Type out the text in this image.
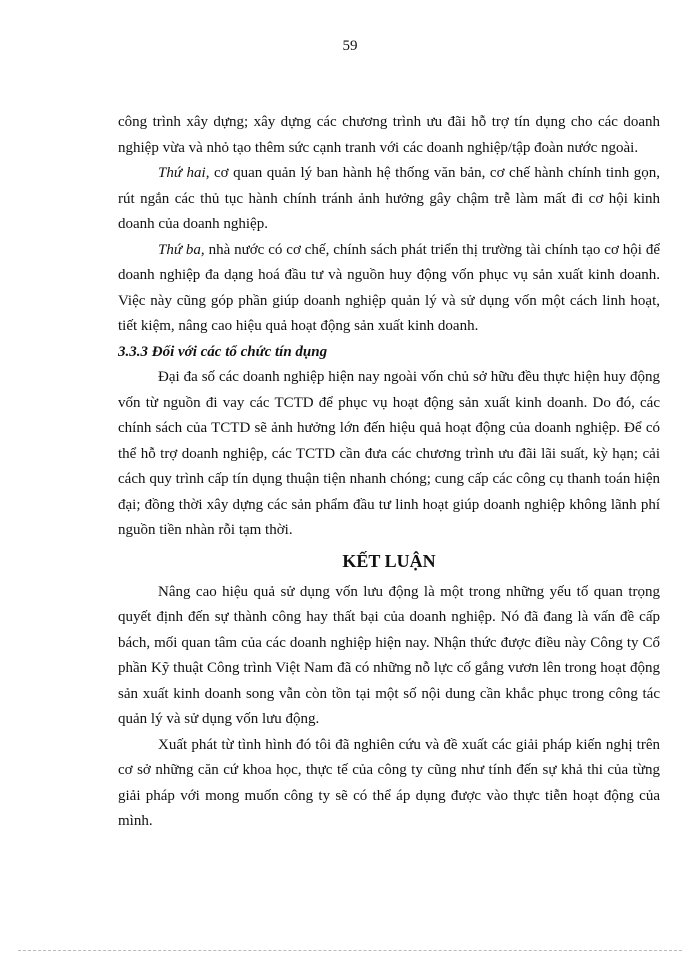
59

công trình xây dựng; xây dựng các chương trình ưu đãi hỗ trợ tín dụng cho các doanh nghiệp vừa và nhỏ tạo thêm sức cạnh tranh với các doanh nghiệp/tập đoàn nước ngoài.

Thứ hai, cơ quan quản lý ban hành hệ thống văn bản, cơ chế hành chính tinh gọn, rút ngắn các thủ tục hành chính tránh ảnh hưởng gây chậm trễ làm mất đi cơ hội kinh doanh của doanh nghiệp.

Thứ ba, nhà nước có cơ chế, chính sách phát triển thị trường tài chính tạo cơ hội để doanh nghiệp đa dạng hoá đầu tư và nguồn huy động vốn phục vụ sản xuất kinh doanh. Việc này cũng góp phần giúp doanh nghiệp quản lý và sử dụng vốn một cách linh hoạt, tiết kiệm, nâng cao hiệu quả hoạt động sản xuất kinh doanh.

3.3.3 Đối với các tổ chức tín dụng

Đại đa số các doanh nghiệp hiện nay ngoài vốn chủ sở hữu đều thực hiện huy động vốn từ nguồn đi vay các TCTD để phục vụ hoạt động sản xuất kinh doanh. Do đó, các chính sách của TCTD sẽ ảnh hưởng lớn đến hiệu quả hoạt động của doanh nghiệp. Để có thể hỗ trợ doanh nghiệp, các TCTD cần đưa các chương trình ưu đãi lãi suất, kỳ hạn; cải cách quy trình cấp tín dụng thuận tiện nhanh chóng; cung cấp các công cụ thanh toán hiện đại; đồng thời xây dựng các sản phẩm đầu tư linh hoạt giúp doanh nghiệp không lãnh phí nguồn tiền nhàn rỗi tạm thời.

KẾT LUẬN

Nâng cao hiệu quả sử dụng vốn lưu động là một trong những yếu tố quan trọng quyết định đến sự thành công hay thất bại của doanh nghiệp. Nó đã đang là vấn đề cấp bách, mối quan tâm của các doanh nghiệp hiện nay. Nhận thức được điều này Công ty Cổ phần Kỹ thuật Công trình Việt Nam đã có những nỗ lực cố gắng vươn lên trong hoạt động sản xuất kinh doanh song vẫn còn tồn tại một số nội dung cần khắc phục trong công tác quản lý và sử dụng vốn lưu động.

Xuất phát từ tình hình đó tôi đã nghiên cứu và đề xuất các giải pháp kiến nghị trên cơ sở những căn cứ khoa học, thực tế của công ty cũng như tính đến sự khả thi của từng giải pháp với mong muốn công ty sẽ có thể áp dụng được vào thực tiễn hoạt động của mình.
